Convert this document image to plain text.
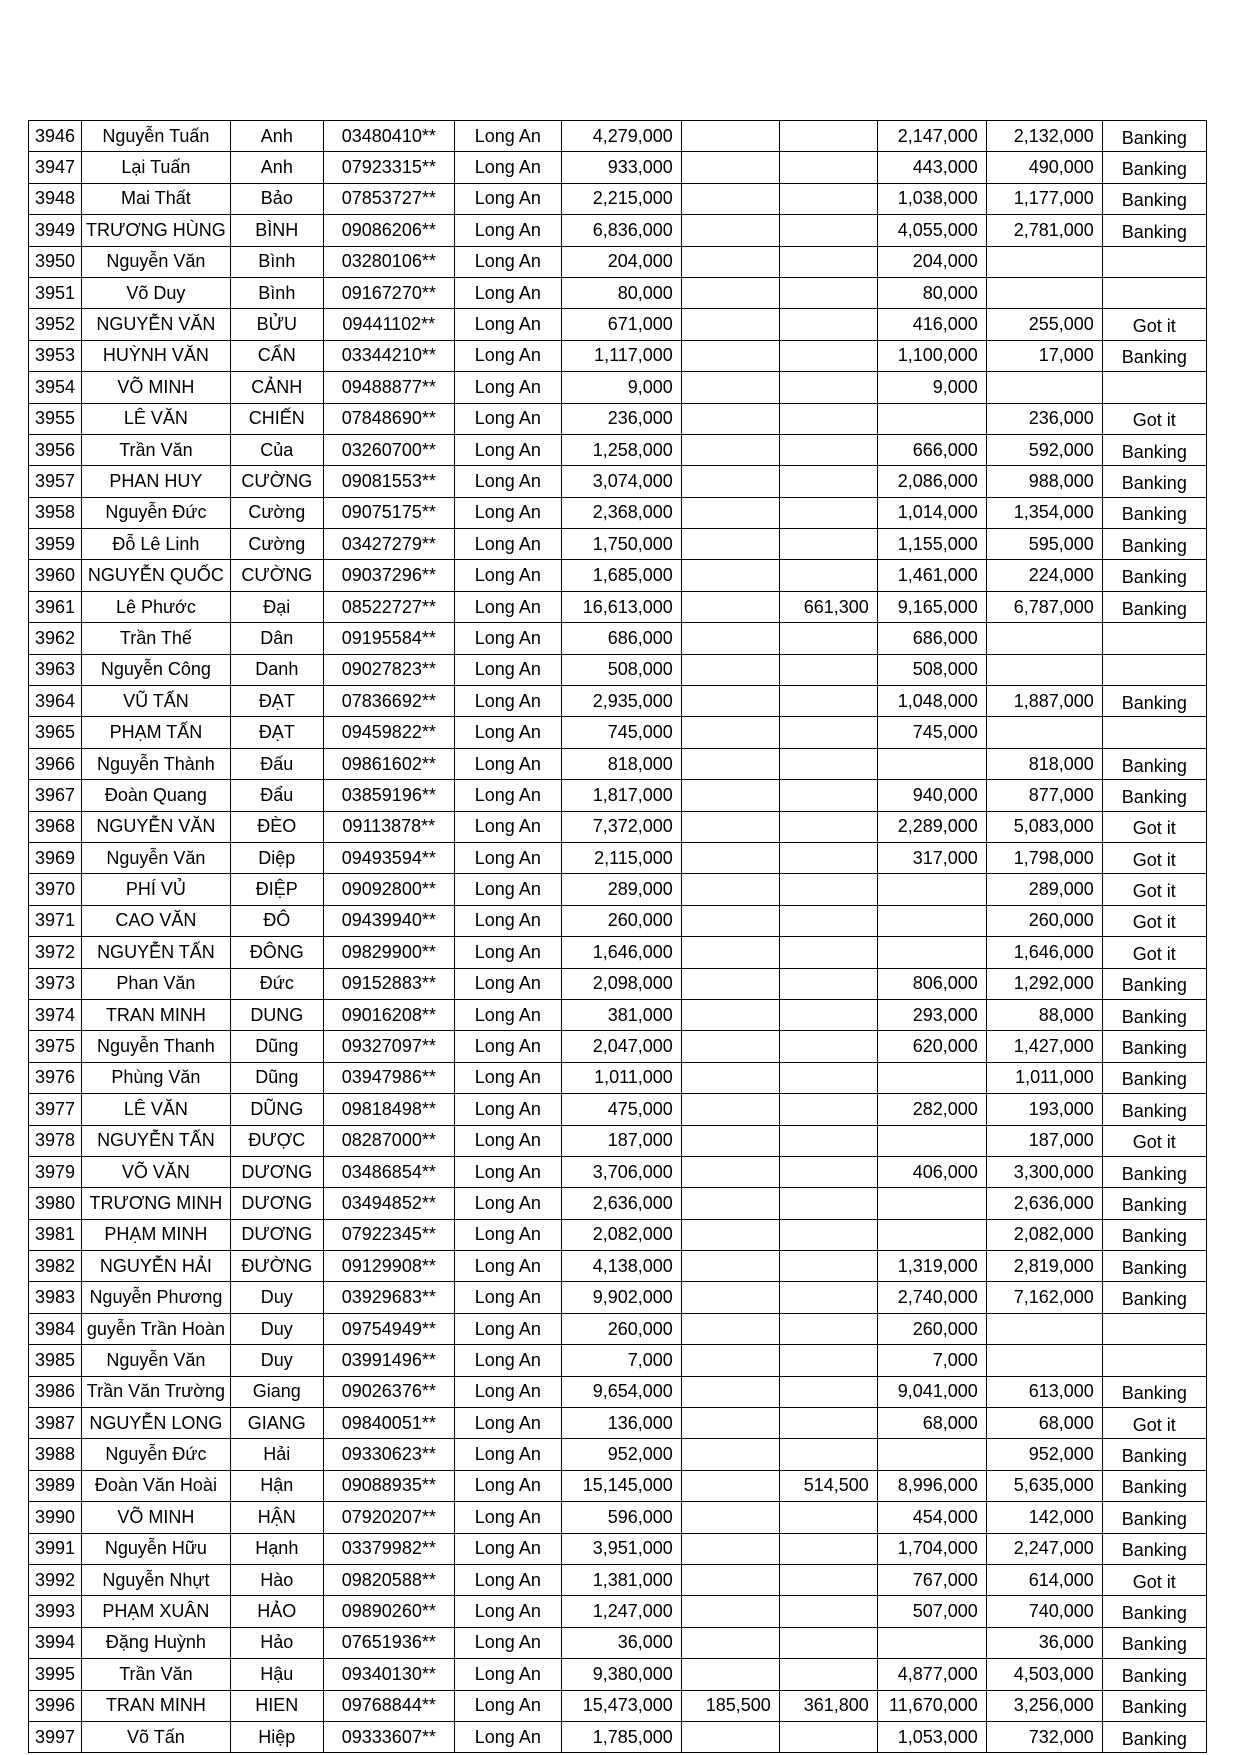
3946	Nguyễn Tuấn	Anh	03480410**	Long An	4,279,000			2,147,000	2,132,000	Banking
3947	Lại Tuấn	Anh	07923315**	Long An	933,000			443,000	490,000	Banking
3948	Mai Thất	Bảo	07853727**	Long An	2,215,000			1,038,000	1,177,000	Banking
3949	TRƯƠNG HÙNG	BÌNH	09086206**	Long An	6,836,000			4,055,000	2,781,000	Banking
3950	Nguyễn Văn	Bình	03280106**	Long An	204,000			204,000		
3951	Võ Duy	Bình	09167270**	Long An	80,000			80,000		
3952	NGUYỄN VĂN	BỬU	09441102**	Long An	671,000			416,000	255,000	Got it
3953	HUỲNH VĂN	CẨN	03344210**	Long An	1,117,000			1,100,000	17,000	Banking
3954	VÕ MINH	CẢNH	09488877**	Long An	9,000			9,000		
3955	LÊ VĂN	CHIẾN	07848690**	Long An	236,000				236,000	Got it
3956	Trần Văn	Của	03260700**	Long An	1,258,000			666,000	592,000	Banking
3957	PHAN HUY	CƯỜNG	09081553**	Long An	3,074,000			2,086,000	988,000	Banking
3958	Nguyễn Đức	Cường	09075175**	Long An	2,368,000			1,014,000	1,354,000	Banking
3959	Đỗ Lê Linh	Cường	03427279**	Long An	1,750,000			1,155,000	595,000	Banking
3960	NGUYỄN QUỐC	CƯỜNG	09037296**	Long An	1,685,000			1,461,000	224,000	Banking
3961	Lê Phước	Đại	08522727**	Long An	16,613,000		661,300	9,165,000	6,787,000	Banking
3962	Trần Thế	Dân	09195584**	Long An	686,000			686,000		
3963	Nguyễn Công	Danh	09027823**	Long An	508,000			508,000		
3964	VŨ TẤN	ĐẠT	07836692**	Long An	2,935,000			1,048,000	1,887,000	Banking
3965	PHẠM TẤN	ĐẠT	09459822**	Long An	745,000			745,000		
3966	Nguyễn Thành	Đấu	09861602**	Long An	818,000				818,000	Banking
3967	Đoàn Quang	Đẩu	03859196**	Long An	1,817,000			940,000	877,000	Banking
3968	NGUYỄN VĂN	ĐÈO	09113878**	Long An	7,372,000			2,289,000	5,083,000	Got it
3969	Nguyễn Văn	Diệp	09493594**	Long An	2,115,000			317,000	1,798,000	Got it
3970	PHÍ VỦ	ĐIỆP	09092800**	Long An	289,000				289,000	Got it
3971	CAO VĂN	ĐÔ	09439940**	Long An	260,000				260,000	Got it
3972	NGUYỄN TẤN	ĐÔNG	09829900**	Long An	1,646,000				1,646,000	Got it
3973	Phan Văn	Đức	09152883**	Long An	2,098,000			806,000	1,292,000	Banking
3974	TRAN MINH	DUNG	09016208**	Long An	381,000			293,000	88,000	Banking
3975	Nguyễn Thanh	Dũng	09327097**	Long An	2,047,000			620,000	1,427,000	Banking
3976	Phùng Văn	Dũng	03947986**	Long An	1,011,000				1,011,000	Banking
3977	LÊ VĂN	DŨNG	09818498**	Long An	475,000			282,000	193,000	Banking
3978	NGUYỄN TẤN	ĐƯỢC	08287000**	Long An	187,000				187,000	Got it
3979	VÕ VĂN	DƯƠNG	03486854**	Long An	3,706,000			406,000	3,300,000	Banking
3980	TRƯƠNG MINH	DƯƠNG	03494852**	Long An	2,636,000				2,636,000	Banking
3981	PHẠM MINH	DƯƠNG	07922345**	Long An	2,082,000				2,082,000	Banking
3982	NGUYỄN HẢI	ĐƯỜNG	09129908**	Long An	4,138,000			1,319,000	2,819,000	Banking
3983	Nguyễn Phương	Duy	03929683**	Long An	9,902,000			2,740,000	7,162,000	Banking
3984	guyễn Trần Hoàn	Duy	09754949**	Long An	260,000			260,000		
3985	Nguyễn Văn	Duy	03991496**	Long An	7,000			7,000		
3986	Trần Văn Trường	Giang	09026376**	Long An	9,654,000			9,041,000	613,000	Banking
3987	NGUYỄN LONG	GIANG	09840051**	Long An	136,000			68,000	68,000	Got it
3988	Nguyễn Đức	Hải	09330623**	Long An	952,000				952,000	Banking
3989	Đoàn Văn Hoài	Hận	09088935**	Long An	15,145,000		514,500	8,996,000	5,635,000	Banking
3990	VÕ MINH	HẬN	07920207**	Long An	596,000			454,000	142,000	Banking
3991	Nguyễn Hữu	Hạnh	03379982**	Long An	3,951,000			1,704,000	2,247,000	Banking
3992	Nguyễn Nhựt	Hào	09820588**	Long An	1,381,000			767,000	614,000	Got it
3993	PHẠM XUÂN	HẢO	09890260**	Long An	1,247,000			507,000	740,000	Banking
3994	Đặng Huỳnh	Hảo	07651936**	Long An	36,000				36,000	Banking
3995	Trần Văn	Hậu	09340130**	Long An	9,380,000			4,877,000	4,503,000	Banking
3996	TRAN MINH	HIEN	09768844**	Long An	15,473,000	185,500	361,800	11,670,000	3,256,000	Banking
3997	Võ Tấn	Hiệp	09333607**	Long An	1,785,000			1,053,000	732,000	Banking
